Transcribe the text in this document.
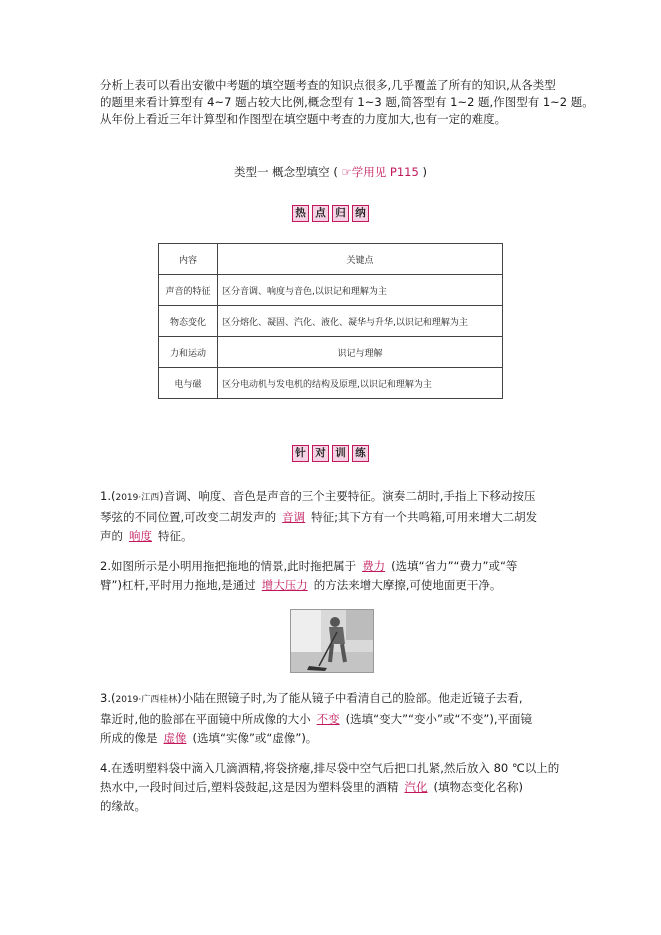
分析上表可以看出安徽中考题的填空题考查的知识点很多,几乎覆盖了所有的知识,从各类型
的题里来看计算型有 4~7 题占较大比例,概念型有 1~3 题,简答型有 1~2 题,作图型有 1~2 题。
从年份上看近三年计算型和作图型在填空题中考查的力度加大,也有一定的难度。
类型一 概念型填空 ( ☞学用见 P115 )
热 点 归 纳
内容	关键点
声音的特征	区分音调、响度与音色,以识记和理解为主
物态变化	区分熔化、凝固、汽化、液化、凝华与升华,以识记和理解为主
力和运动	识记与理解
电与磁	区分电动机与发电机的结构及原理,以识记和理解为主
针 对 训 练
1.(2019·江西)音调、响度、音色是声音的三个主要特征。演奏二胡时,手指上下移动按压
琴弦的不同位置,可改变二胡发声的 音调 特征;其下方有一个共鸣箱,可用来增大二胡发
声的 响度 特征。
2.如图所示是小明用拖把拖地的情景,此时拖把属于 费力 (选填“省力”“费力”或“等
臂”)杠杆,平时用力拖地,是通过 增大压力 的方法来增大摩擦,可使地面更干净。
3.(2019·广西桂林)小陆在照镜子时,为了能从镜子中看清自己的脸部。他走近镜子去看,
靠近时,他的脸部在平面镜中所成像的大小 不变 (选填“变大”“变小”或“不变”),平面镜
所成的像是 虚像 (选填“实像”或“虚像”)。
4.在透明塑料袋中滴入几滴酒精,将袋挤瘪,排尽袋中空气后把口扎紧,然后放入 80 ℃以上的
热水中,一段时间过后,塑料袋鼓起,这是因为塑料袋里的酒精 汽化 (填物态变化名称)
的缘故。
